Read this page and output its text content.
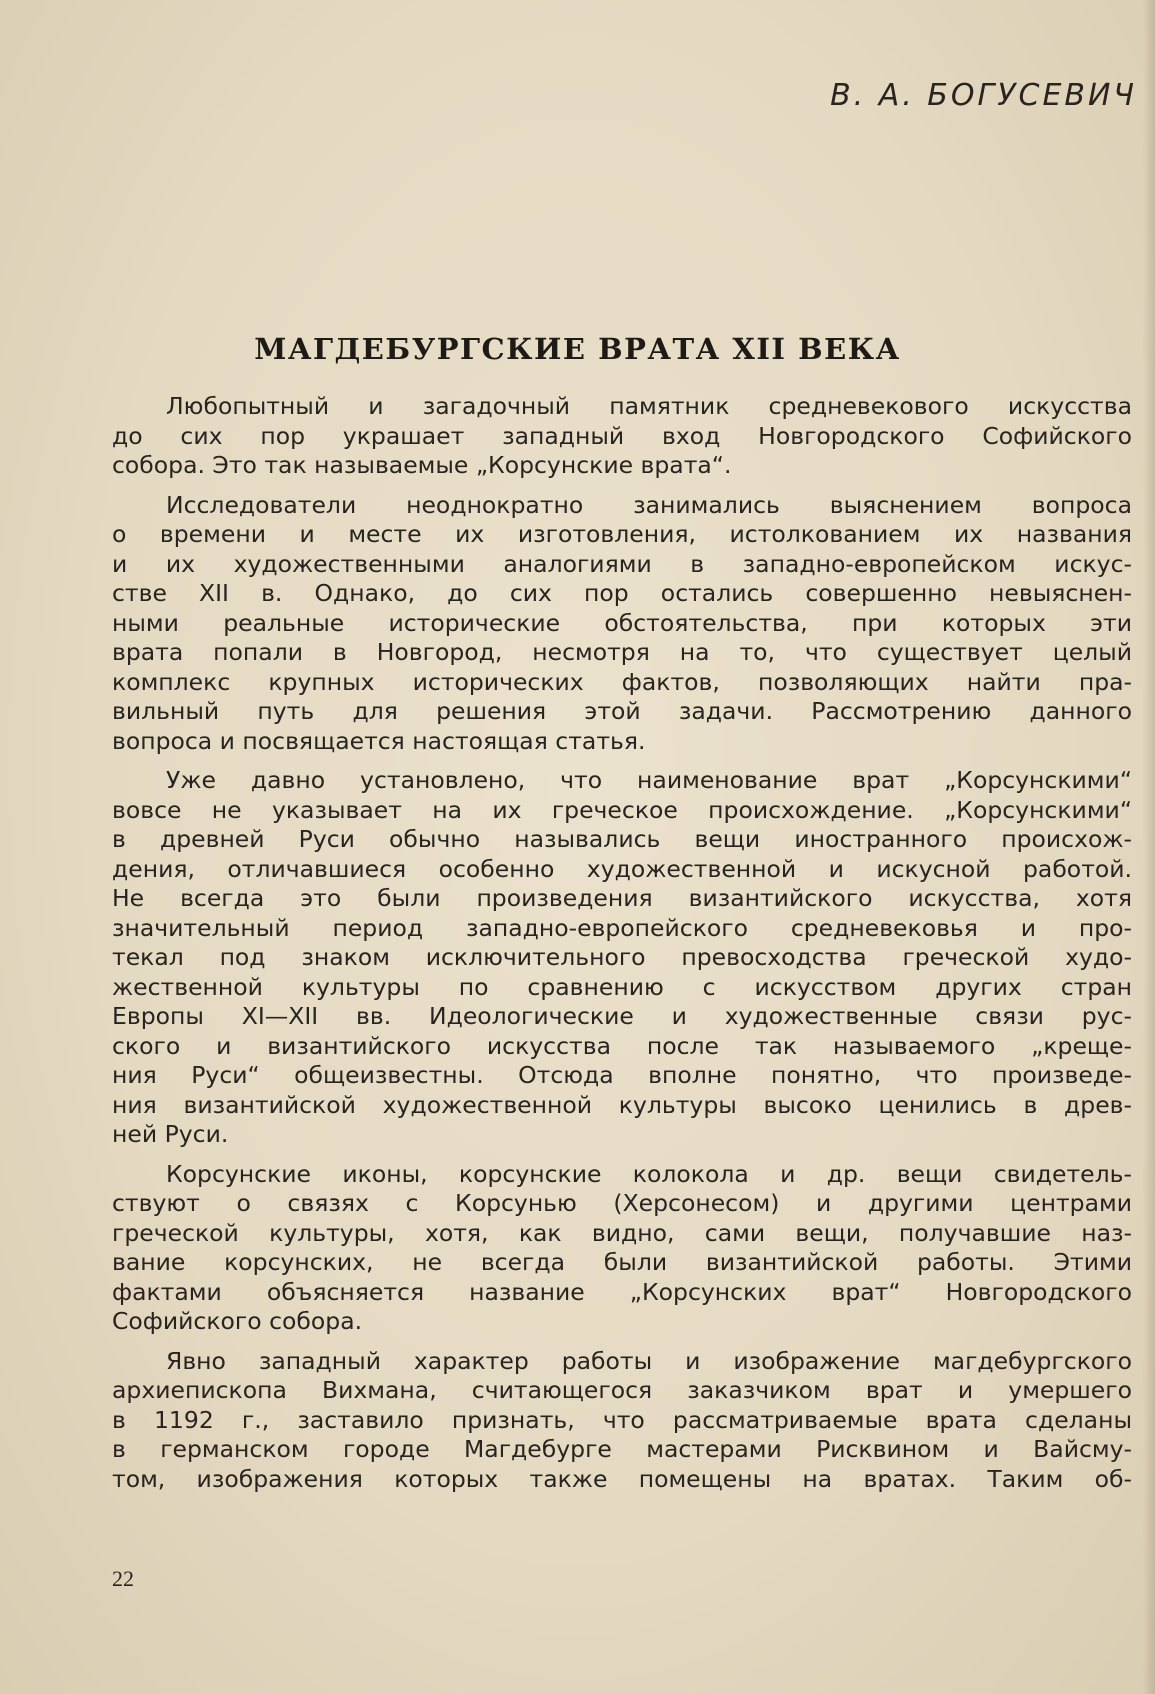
В. А. БОГУСЕВИЧ
МАГДЕБУРГСКИЕ ВРАТА XII ВЕКА
Любопытный и загадочный памятник средневекового искусства
до сих пор украшает западный вход Новгородского Софийского
собора. Это так называемые „Корсунские врата“.
Исследователи неоднократно занимались выяснением вопроса
о времени и месте их изготовления, истолкованием их названия
и их художественными аналогиями в западно-европейском искус-
стве XII в. Однако, до сих пор остались совершенно невыяснен-
ными реальные исторические обстоятельства, при которых эти
врата попали в Новгород, несмотря на то, что существует целый
комплекс крупных исторических фактов, позволяющих найти пра-
вильный путь для решения этой задачи. Рассмотрению данного
вопроса и посвящается настоящая статья.
Уже давно установлено, что наименование врат „Корсунскими“
вовсе не указывает на их греческое происхождение. „Корсунскими“
в древней Руси обычно назывались вещи иностранного происхож-
дения, отличавшиеся особенно художественной и искусной работой.
Не всегда это были произведения византийского искусства, хотя
значительный период западно-европейского средневековья и про-
текал под знаком исключительного превосходства греческой худо-
жественной культуры по сравнению с искусством других стран
Европы XI—XII вв. Идеологические и художественные связи рус-
ского и византийского искусства после так называемого „креще-
ния Руси“ общеизвестны. Отсюда вполне понятно, что произведе-
ния византийской художественной культуры высоко ценились в древ-
ней Руси.
Корсунские иконы, корсунские колокола и др. вещи свидетель-
ствуют о связях с Корсунью (Херсонесом) и другими центрами
греческой культуры, хотя, как видно, сами вещи, получавшие наз-
вание корсунских, не всегда были византийской работы. Этими
фактами объясняется название „Корсунских врат“ Новгородского
Софийского собора.
Явно западный характер работы и изображение магдебургского
архиепископа Вихмана, считающегося заказчиком врат и умершего
в 1192 г., заставило признать, что рассматриваемые врата сделаны
в германском городе Магдебурге мастерами Рисквином и Вайсму-
том, изображения которых также помещены на вратах. Таким об-
22
